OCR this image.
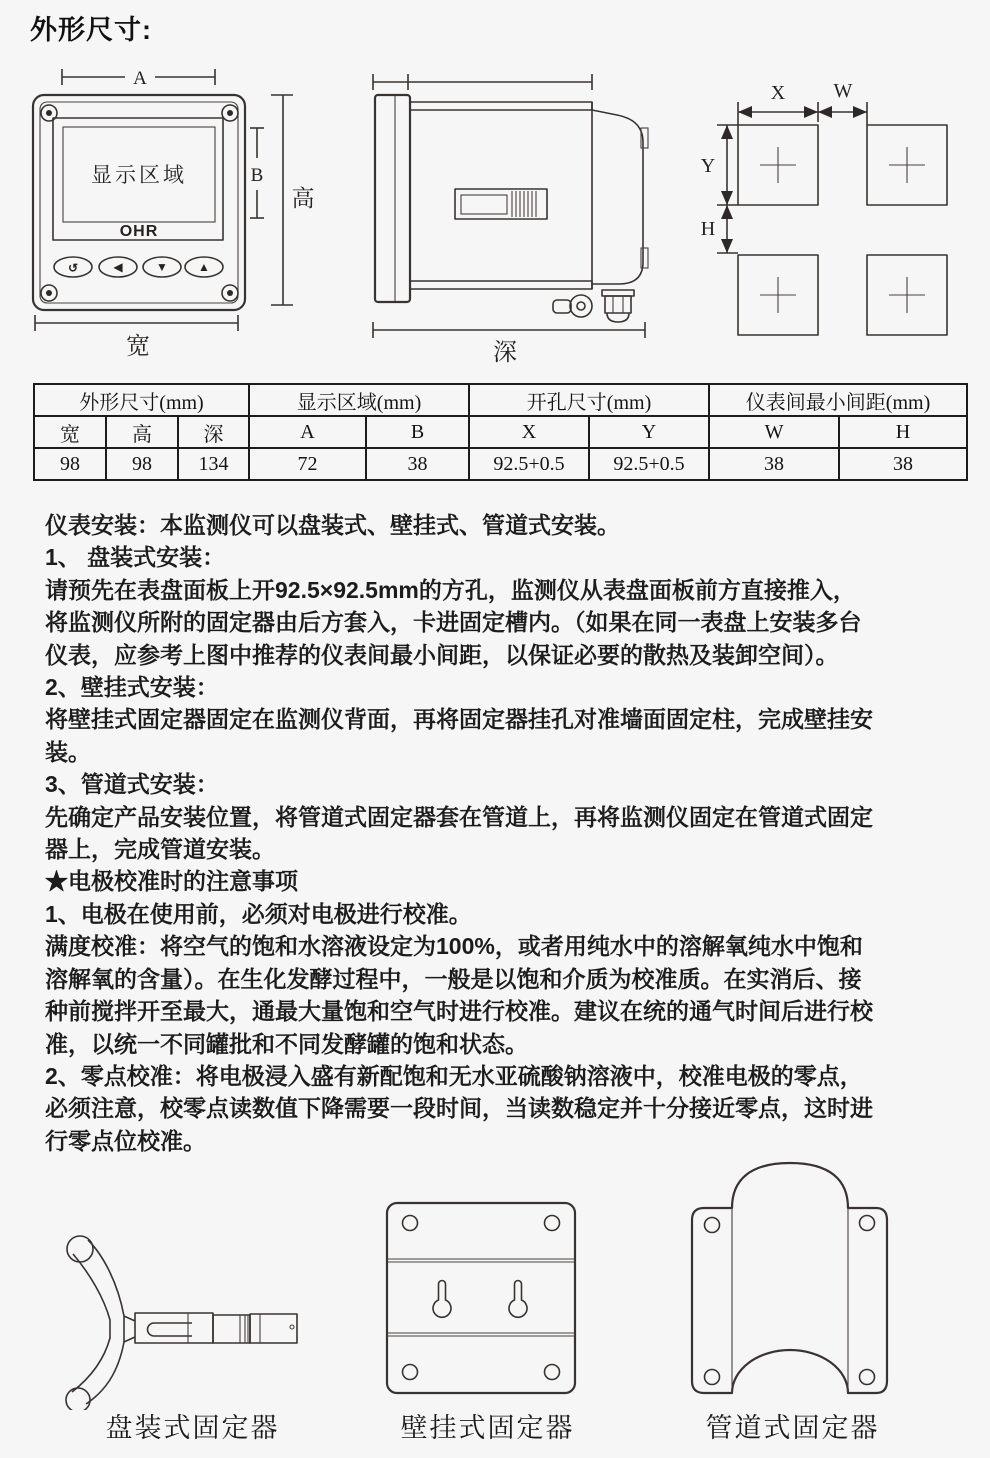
外形尺寸:
A
显示区域
OHR
↺	◀	▼	▲
B
高
宽	深
X W
Y
H
外形尺寸(mm)			显示区域(mm)		开孔尺寸(mm)		仪表间最小间距(mm)	
宽	高	深	A	B	X	Y	W	H
98	98	134	72	38	92.5+0.5	92.5+0.5	38	38
仪表安装：本监测仪可以盘装式、壁挂式、管道式安装。
1、 盘装式安装：
请预先在表盘面板上开92.5×92.5mm的方孔，监测仪从表盘面板前方直接推入，
将监测仪所附的固定器由后方套入，卡进固定槽内。（如果在同一表盘上安装多台
仪表，应参考上图中推荐的仪表间最小间距，以保证必要的散热及装卸空间）。
2、壁挂式安装：
将壁挂式固定器固定在监测仪背面，再将固定器挂孔对准墙面固定柱，完成壁挂安
装。
3、管道式安装：
先确定产品安装位置，将管道式固定器套在管道上，再将监测仪固定在管道式固定
器上，完成管道安装。
★电极校准时的注意事项
1、电极在使用前，必须对电极进行校准。
满度校准：将空气的饱和水溶液设定为100%，或者用纯水中的溶解氧纯水中饱和
溶解氧的含量）。在生化发酵过程中，一般是以饱和介质为校准质。在实消后、接
种前搅拌开至最大，通最大量饱和空气时进行校准。建议在统的通气时间后进行校
准，以统一不同罐批和不同发酵罐的饱和状态。
2、零点校准：将电极浸入盛有新配饱和无水亚硫酸钠溶液中，校准电极的零点，
必须注意，校零点读数值下降需要一段时间，当读数稳定并十分接近零点，这时进
行零点位校准。
盘装式固定器	壁挂式固定器	管道式固定器
